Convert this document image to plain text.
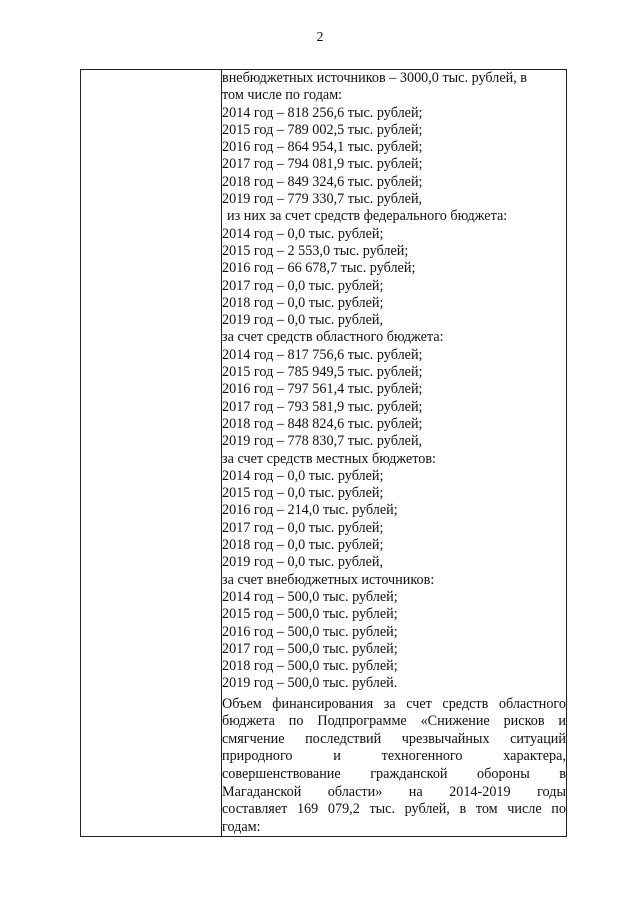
2

внебюджетных источников – 3000,0 тыс. рублей, в
том числе по годам:
2014 год – 818 256,6 тыс. рублей;
2015 год – 789 002,5 тыс. рублей;
2016 год – 864 954,1 тыс. рублей;
2017 год – 794 081,9 тыс. рублей;
2018 год – 849 324,6 тыс. рублей;
2019 год – 779 330,7 тыс. рублей,
из них за счет средств федерального бюджета:
2014 год – 0,0 тыс. рублей;
2015 год – 2 553,0 тыс. рублей;
2016 год – 66 678,7 тыс. рублей;
2017 год – 0,0 тыс. рублей;
2018 год – 0,0 тыс. рублей;
2019 год – 0,0 тыс. рублей,
за счет средств областного бюджета:
2014 год – 817 756,6 тыс. рублей;
2015 год – 785 949,5 тыс. рублей;
2016 год – 797 561,4 тыс. рублей;
2017 год – 793 581,9 тыс. рублей;
2018 год – 848 824,6 тыс. рублей;
2019 год – 778 830,7 тыс. рублей,
за счет средств местных бюджетов:
2014 год – 0,0 тыс. рублей;
2015 год – 0,0 тыс. рублей;
2016 год – 214,0 тыс. рублей;
2017 год – 0,0 тыс. рублей;
2018 год – 0,0 тыс. рублей;
2019 год – 0,0 тыс. рублей,
за счет внебюджетных источников:
2014 год – 500,0 тыс. рублей;
2015 год – 500,0 тыс. рублей;
2016 год – 500,0 тыс. рублей;
2017 год – 500,0 тыс. рублей;
2018 год – 500,0 тыс. рублей;
2019 год – 500,0 тыс. рублей.
Объем финансирования за счет средств областного
бюджета по Подпрограмме «Снижение рисков и
смягчение последствий чрезвычайных ситуаций
природного и техногенного характера,
совершенствование гражданской обороны в
Магаданской области» на 2014-2019 годы
составляет 169 079,2 тыс. рублей, в том числе по
годам:
